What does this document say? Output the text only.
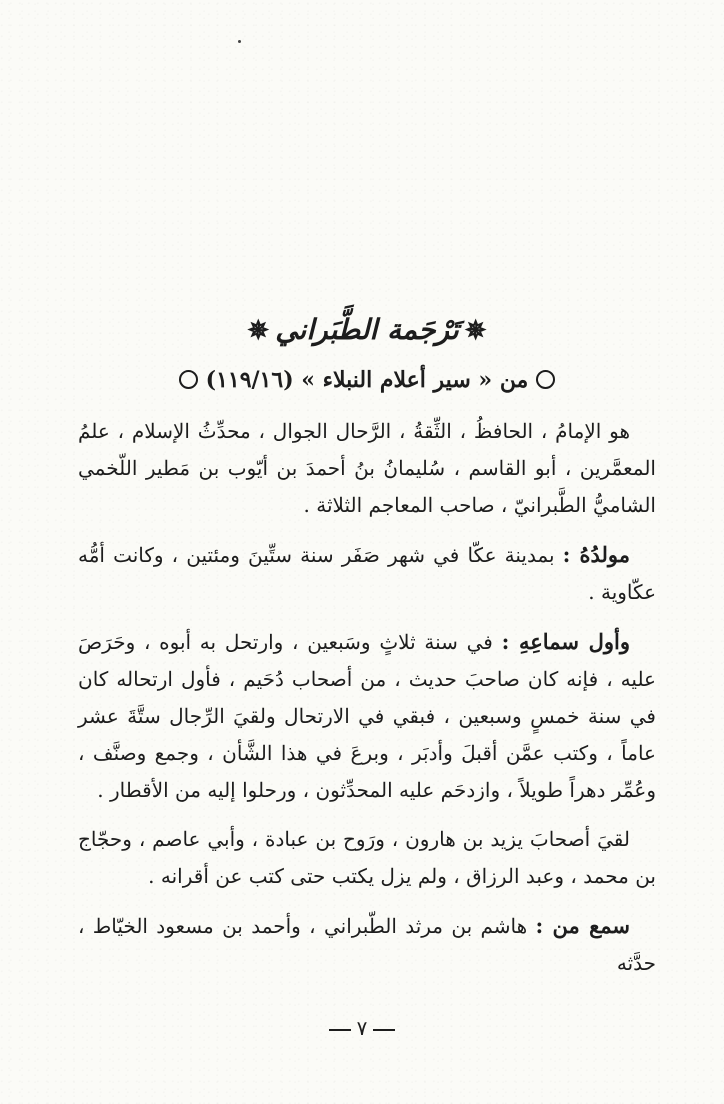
✵تَرْجَمة الطَّبَراني✵
من « سير أعلام النبلاء » (١١٩/١٦)

هو الإمامُ ، الحافظُ ، الثِّقةُ ، الرَّحال الجوال ، محدِّثُ الإسلام ، علمُ المعمَّرين ، أبو القاسم ، سُليمانُ بنُ أحمدَ بن أيّوب بن مَطير اللّخمي الشاميُّ الطَّبرانيّ ، صاحب المعاجم الثلاثة .

مولدُهُ : بمدينة عكّا في شهر صَفَر سنة ستِّينَ ومئتين ، وكانت أمُّه عكّاوية .

وأول سماعِهِ : في سنة ثلاثٍ وسَبعين ، وارتحل به أبوه ، وحَرَصَ عليه ، فإنه كان صاحبَ حديث ، من أصحاب دُحَيم ، فأول ارتحاله كان في سنة خمسٍ وسبعين ، فبقي في الارتحال ولقيَ الرِّجال ستَّةَ عشر عاماً ، وكتب عمَّن أقبلَ وأدبَر ، وبرعَ في هذا الشَّأن ، وجمع وصنَّف ، وعُمِّر دهراً طويلاً ، وازدحَم عليه المحدِّثون ، ورحلوا إليه من الأقطار .

لقيَ أصحابَ يزيد بن هارون ، ورَوح بن عبادة ، وأبي عاصم ، وحجّاج بن محمد ، وعبد الرزاق ، ولم يزل يكتب حتى كتب عن أقرانه .

سمع من : هاشم بن مرثد الطّبراني ، وأحمد بن مسعود الخيّاط ، حدَّثه

٧
